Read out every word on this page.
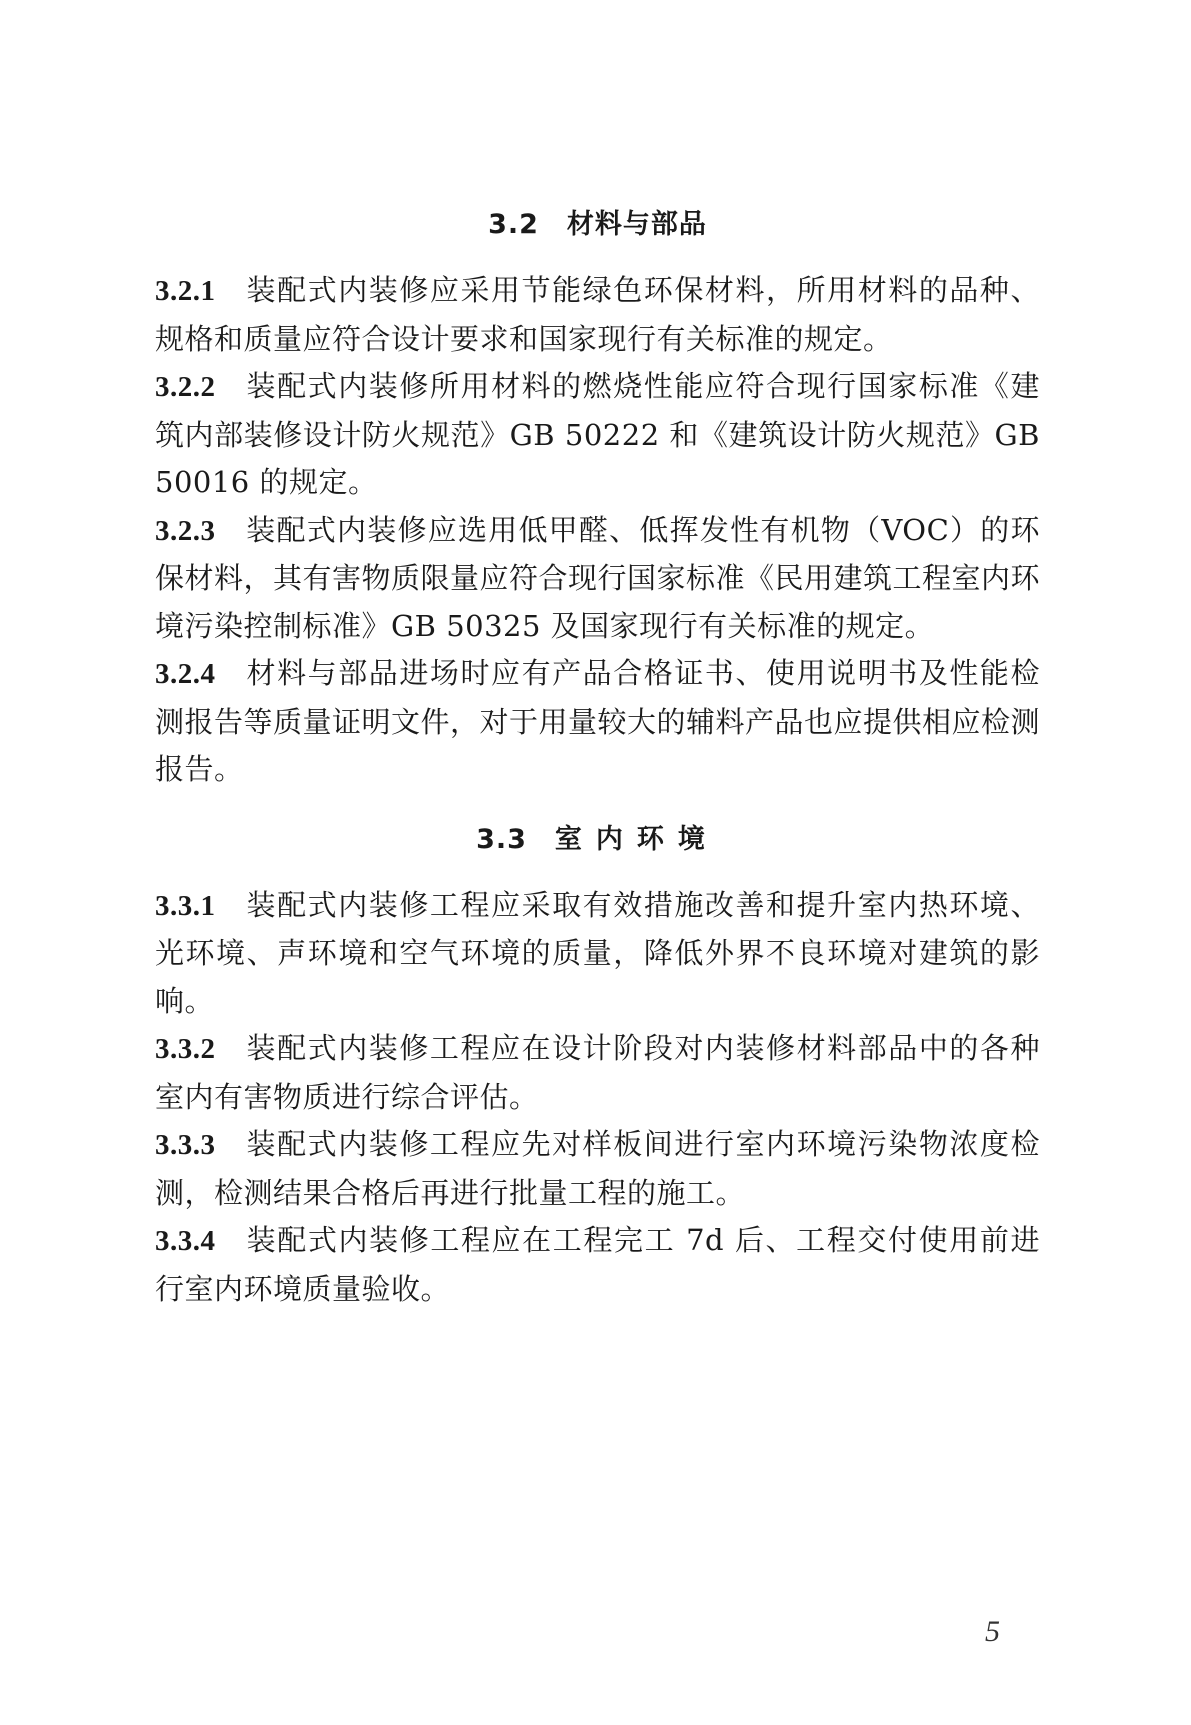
3.2 材料与部品

3.2.1 装配式内装修应采用节能绿色环保材料，所用材料的品种、规格和质量应符合设计要求和国家现行有关标准的规定。

3.2.2 装配式内装修所用材料的燃烧性能应符合现行国家标准《建筑内部装修设计防火规范》GB 50222 和《建筑设计防火规范》GB 50016 的规定。

3.2.3 装配式内装修应选用低甲醛、低挥发性有机物（VOC）的环保材料，其有害物质限量应符合现行国家标准《民用建筑工程室内环境污染控制标准》GB 50325 及国家现行有关标准的规定。

3.2.4 材料与部品进场时应有产品合格证书、使用说明书及性能检测报告等质量证明文件，对于用量较大的辅料产品也应提供相应检测报告。

3.3 室内环境

3.3.1 装配式内装修工程应采取有效措施改善和提升室内热环境、光环境、声环境和空气环境的质量，降低外界不良环境对建筑的影响。

3.3.2 装配式内装修工程应在设计阶段对内装修材料部品中的各种室内有害物质进行综合评估。

3.3.3 装配式内装修工程应先对样板间进行室内环境污染物浓度检测，检测结果合格后再进行批量工程的施工。

3.3.4 装配式内装修工程应在工程完工 7d 后、工程交付使用前进行室内环境质量验收。

5
